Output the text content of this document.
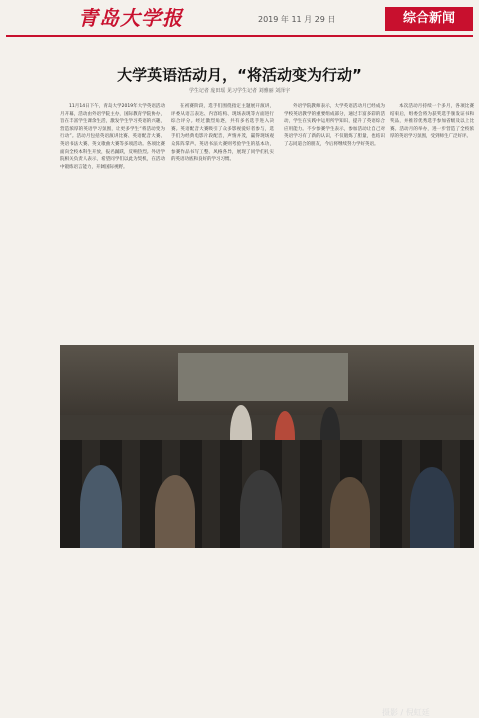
青岛大学报	2019 年 11 月 29 日	综合新闻
大学英语活动月，“将活动变为行动”
学生记者 庞田瑶 见习学生记者 刘雅丽 刘泽宇
11月14日下午，青岛大学2019年大学英语活动月开幕，活动由外语学院主办，国际教育学院协办，旨在丰富学生课余生活，激发学生学习英语的兴趣，营造浓厚的英语学习氛围，让更多学生“将活动变为行动”。活动月包括英语演讲比赛、英语配音大赛、英语书法大赛、英文歌曲大赛等多项活动。各项比赛面向全校本科生开放，报名踊跃，反响热烈。外语学院相关负责人表示，希望同学们以此为契机，在活动中锻炼语言能力，开阔国际视野。
在初赛阶段，选手们围绕指定主题展开演讲，评委从语言表达、内容结构、现场表现等方面进行综合评分。经过激烈角逐，共有多名选手进入决赛。英语配音大赛吸引了众多影视爱好者参与，选手们为经典电影片段配音，声情并茂，赢得现场观众阵阵掌声。英语书法大赛则考验学生的基本功，参赛作品书写工整、风格各异，展现了同学们扎实的英语功底和良好的学习习惯。
外语学院教师表示，大学英语活动月已经成为学校英语教学的重要组成部分，通过丰富多彩的活动，学生在实践中运用所学知识，提升了英语综合应用能力。不少参赛学生表示，参加活动让自己对英语学习有了新的认识，不仅锻炼了胆量，也结识了志同道合的朋友，今后将继续努力学好英语。
本次活动月持续一个多月，各项比赛结束后，组委会将为获奖选手颁发证书和奖品，并推荐优秀选手参加省级及以上比赛。活动月的举办，进一步营造了全校浓厚的英语学习氛围，受到师生广泛好评。
摄影 / 倪虹廷
